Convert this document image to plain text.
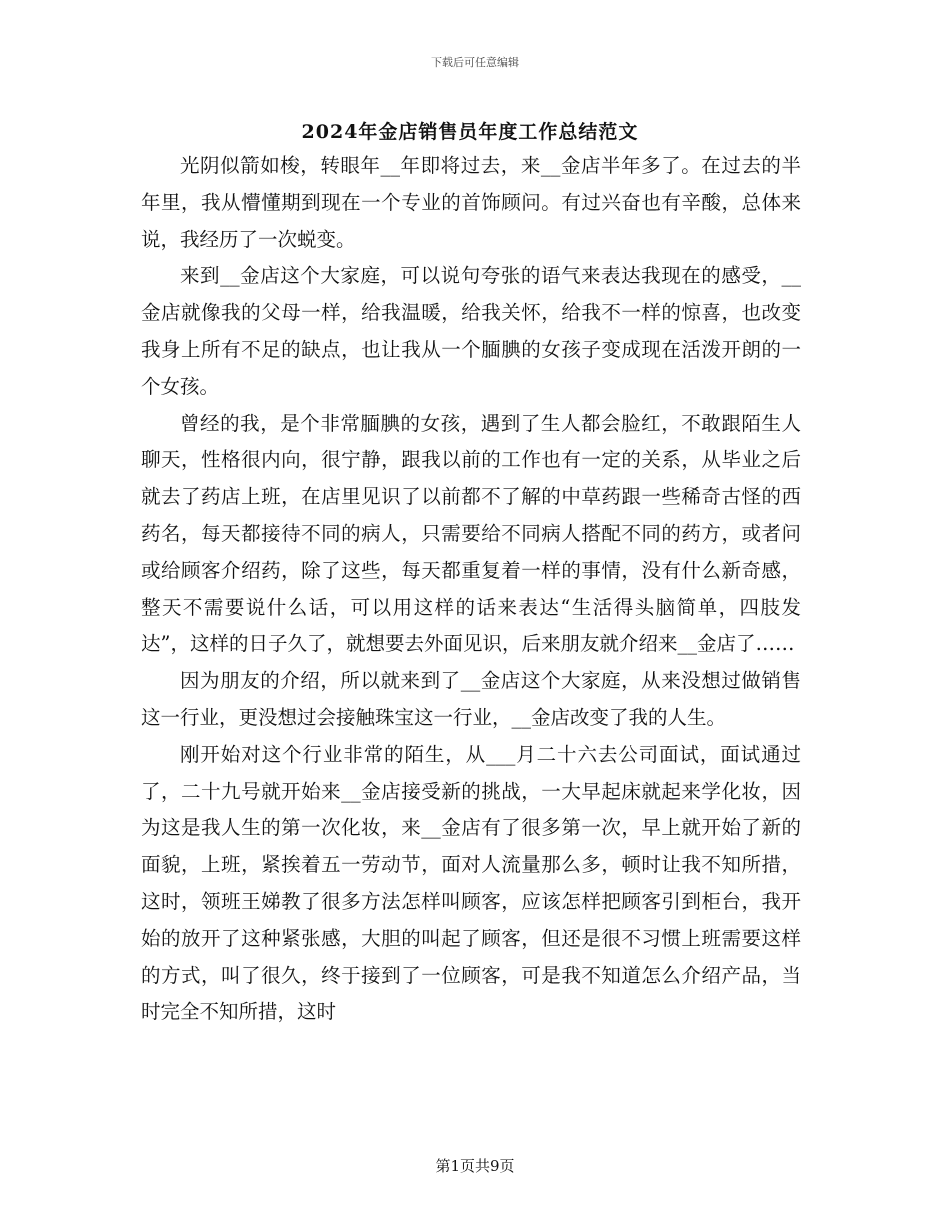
下载后可任意编辑
2024年金店销售员年度工作总结范文

光阴似箭如梭，转眼年__年即将过去，来__金店半年多了。在过去的半年里，我从懵懂期到现在一个专业的首饰顾问。有过兴奋也有辛酸，总体来说，我经历了一次蜕变。

来到__金店这个大家庭，可以说句夸张的语气来表达我现在的感受，__金店就像我的父母一样，给我温暖，给我关怀，给我不一样的惊喜，也改变我身上所有不足的缺点，也让我从一个腼腆的女孩子变成现在活泼开朗的一个女孩。

曾经的我，是个非常腼腆的女孩，遇到了生人都会脸红，不敢跟陌生人聊天，性格很内向，很宁静，跟我以前的工作也有一定的关系，从毕业之后就去了药店上班，在店里见识了以前都不了解的中草药跟一些稀奇古怪的西药名，每天都接待不同的病人，只需要给不同病人搭配不同的药方，或者问或给顾客介绍药，除了这些，每天都重复着一样的事情，没有什么新奇感，整天不需要说什么话，可以用这样的话来表达“生活得头脑简单，四肢发达”，这样的日子久了，就想要去外面见识，后来朋友就介绍来__金店了……

因为朋友的介绍，所以就来到了__金店这个大家庭，从来没想过做销售这一行业，更没想过会接触珠宝这一行业，__金店改变了我的人生。

刚开始对这个行业非常的陌生，从___月二十六去公司面试，面试通过了，二十九号就开始来__金店接受新的挑战，一大早起床就起来学化妆，因为这是我人生的第一次化妆，来__金店有了很多第一次，早上就开始了新的面貌，上班，紧挨着五一劳动节，面对人流量那么多，顿时让我不知所措，这时，领班王娣教了很多方法怎样叫顾客，应该怎样把顾客引到柜台，我开始的放开了这种紧张感，大胆的叫起了顾客，但还是很不习惯上班需要这样的方式，叫了很久，终于接到了一位顾客，可是我不知道怎么介绍产品，当时完全不知所措，这时

第1页共9页
